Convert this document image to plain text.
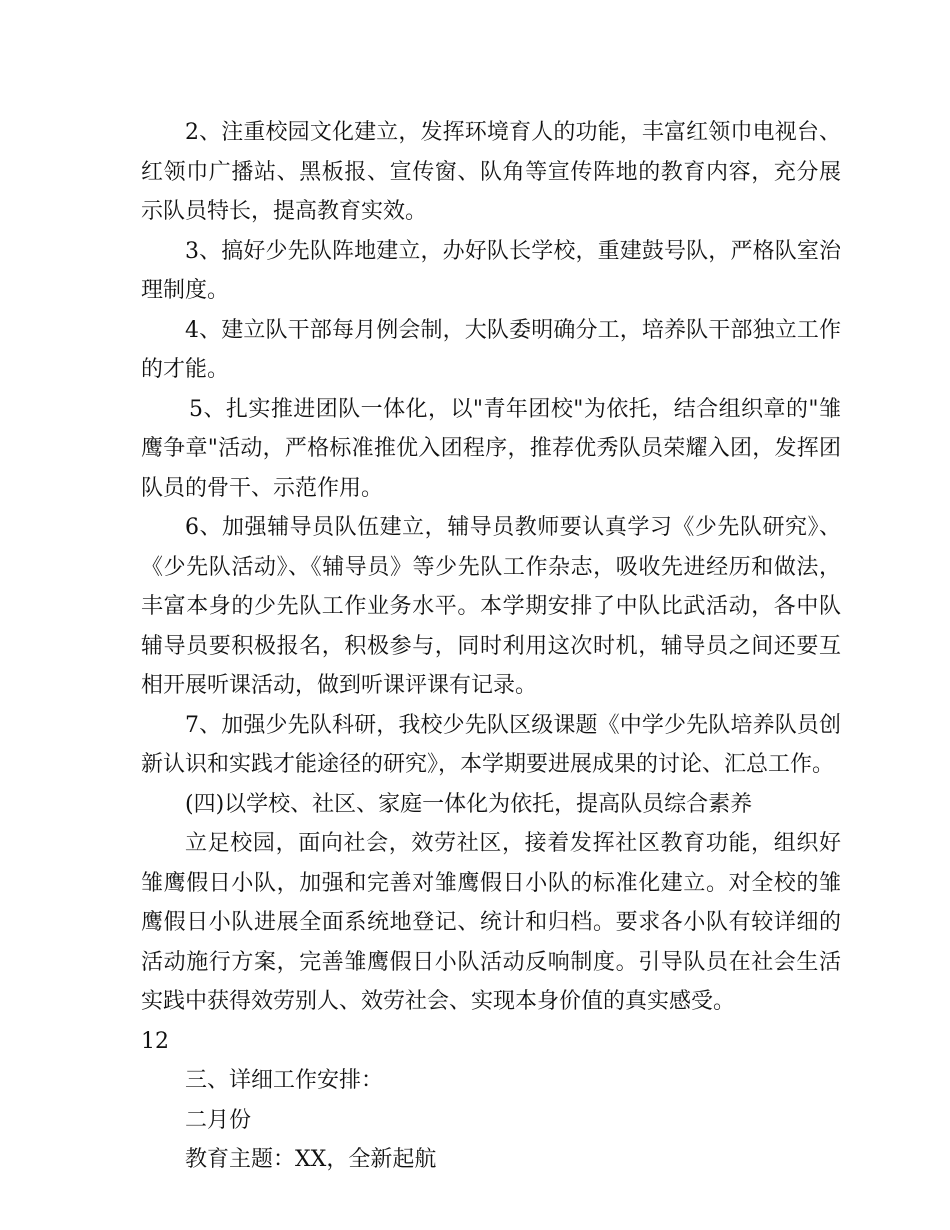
2、注重校园文化建立，发挥环境育人的功能，丰富红领巾电视台、红领巾广播站、黑板报、宣传窗、队角等宣传阵地的教育内容，充分展示队员特长，提高教育实效。

3、搞好少先队阵地建立，办好队长学校，重建鼓号队，严格队室治理制度。

4、建立队干部每月例会制，大队委明确分工，培养队干部独立工作的才能。

5、扎实推进团队一体化，以"青年团校"为依托，结合组织章的"雏鹰争章"活动，严格标准推优入团程序，推荐优秀队员荣耀入团，发挥团队员的骨干、示范作用。

6、加强辅导员队伍建立，辅导员教师要认真学习《少先队研究》、《少先队活动》、《辅导员》等少先队工作杂志，吸收先进经历和做法，丰富本身的少先队工作业务水平。本学期安排了中队比武活动，各中队辅导员要积极报名，积极参与，同时利用这次时机，辅导员之间还要互相开展听课活动，做到听课评课有记录。

7、加强少先队科研，我校少先队区级课题《中学少先队培养队员创新认识和实践才能途径的研究》，本学期要进展成果的讨论、汇总工作。

(四)以学校、社区、家庭一体化为依托，提高队员综合素养

立足校园，面向社会，效劳社区，接着发挥社区教育功能，组织好雏鹰假日小队，加强和完善对雏鹰假日小队的标准化建立。对全校的雏鹰假日小队进展全面系统地登记、统计和归档。要求各小队有较详细的活动施行方案，完善雏鹰假日小队活动反响制度。引导队员在社会生活实践中获得效劳别人、效劳社会、实现本身价值的真实感受。

12

三、详细工作安排：

二月份

教育主题：XX，全新起航
